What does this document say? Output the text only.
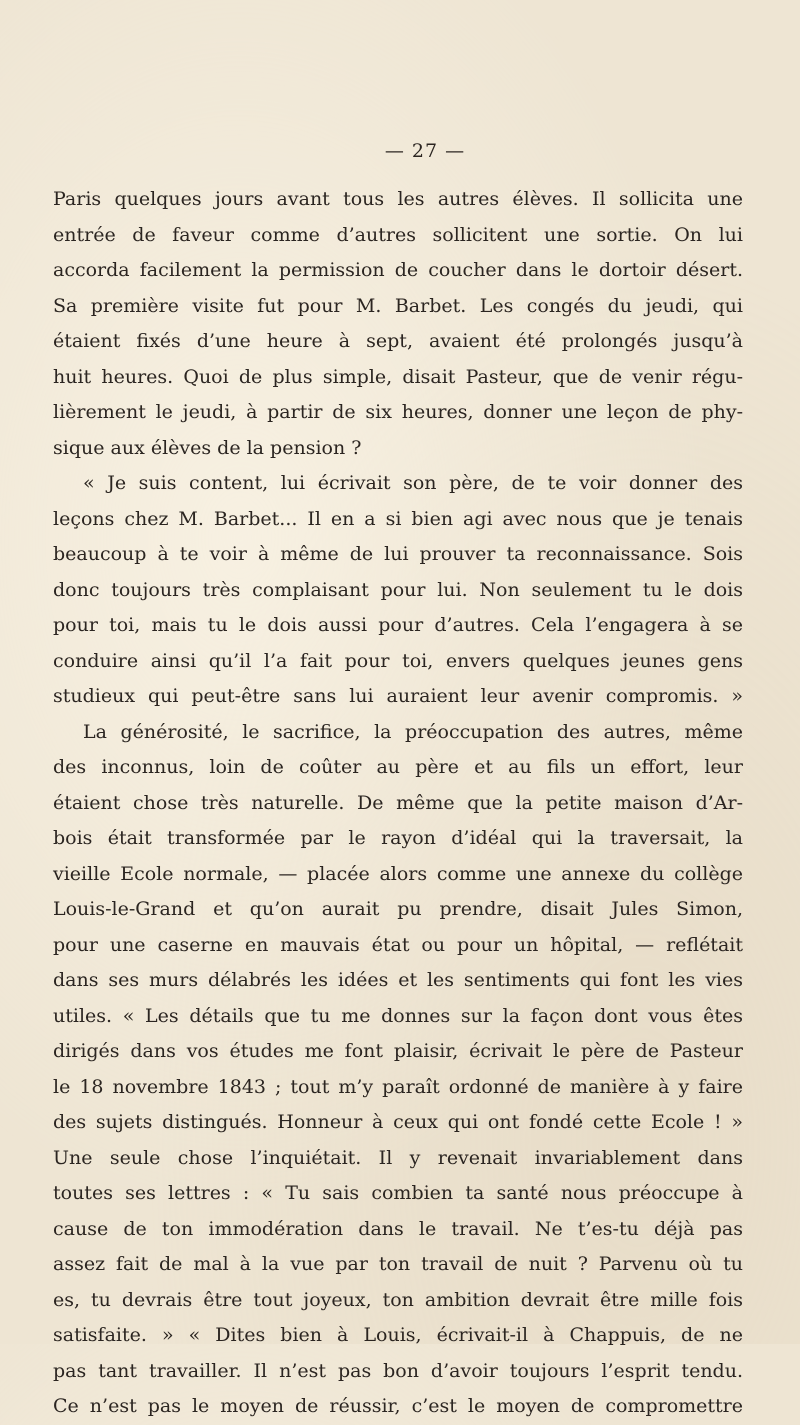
— 27 —
Paris quelques jours avant tous les autres élèves. Il sollicita une
entrée de faveur comme d’autres sollicitent une sortie. On lui
accorda facilement la permission de coucher dans le dortoir désert.
Sa première visite fut pour M. Barbet. Les congés du jeudi, qui
étaient fixés d’une heure à sept, avaient été prolongés jusqu’à
huit heures. Quoi de plus simple, disait Pasteur, que de venir régu-
lièrement le jeudi, à partir de six heures, donner une leçon de phy-
sique aux élèves de la pension ?
« Je suis content, lui écrivait son père, de te voir donner des
leçons chez M. Barbet... Il en a si bien agi avec nous que je tenais
beaucoup à te voir à même de lui prouver ta reconnaissance. Sois
donc toujours très complaisant pour lui. Non seulement tu le dois
pour toi, mais tu le dois aussi pour d’autres. Cela l’engagera à se
conduire ainsi qu’il l’a fait pour toi, envers quelques jeunes gens
studieux qui peut-être sans lui auraient leur avenir compromis. »
La générosité, le sacrifice, la préoccupation des autres, même
des inconnus, loin de coûter au père et au fils un effort, leur
étaient chose très naturelle. De même que la petite maison d’Ar-
bois était transformée par le rayon d’idéal qui la traversait, la
vieille Ecole normale, — placée alors comme une annexe du collège
Louis-le-Grand et qu’on aurait pu prendre, disait Jules Simon,
pour une caserne en mauvais état ou pour un hôpital, — reflétait
dans ses murs délabrés les idées et les sentiments qui font les vies
utiles. « Les détails que tu me donnes sur la façon dont vous êtes
dirigés dans vos études me font plaisir, écrivait le père de Pasteur
le 18 novembre 1843 ; tout m’y paraît ordonné de manière à y faire
des sujets distingués. Honneur à ceux qui ont fondé cette Ecole ! »
Une seule chose l’inquiétait. Il y revenait invariablement dans
toutes ses lettres : « Tu sais combien ta santé nous préoccupe à
cause de ton immodération dans le travail. Ne t’es-tu déjà pas
assez fait de mal à la vue par ton travail de nuit ? Parvenu où tu
es, tu devrais être tout joyeux, ton ambition devrait être mille fois
satisfaite. » « Dites bien à Louis, écrivait-il à Chappuis, de ne
pas tant travailler. Il n’est pas bon d’avoir toujours l’esprit tendu.
Ce n’est pas le moyen de réussir, c’est le moyen de compromettre
